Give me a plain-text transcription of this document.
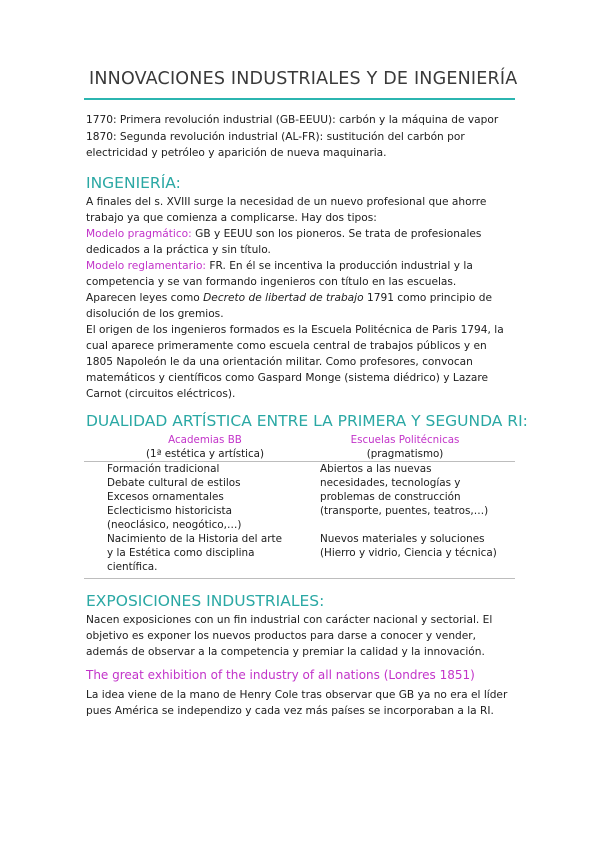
INNOVACIONES INDUSTRIALES Y DE INGENIERÍA
1770: Primera revolución industrial (GB-EEUU): carbón y la máquina de vapor
1870: Segunda revolución industrial (AL-FR): sustitución del carbón por
electricidad y petróleo y aparición de nueva maquinaria.
INGENIERÍA:
A finales del s. XVIII surge la necesidad de un nuevo profesional que ahorre
trabajo ya que comienza a complicarse. Hay dos tipos:
Modelo pragmático: GB y EEUU son los pioneros. Se trata de profesionales
dedicados a la práctica y sin título.
Modelo reglamentario: FR. En él se incentiva la producción industrial y la
competencia y se van formando ingenieros con título en las escuelas.
Aparecen leyes como Decreto de libertad de trabajo 1791 como principio de
disolución de los gremios.
El origen de los ingenieros formados es la Escuela Politécnica de Paris 1794, la
cual aparece primeramente como escuela central de trabajos públicos y en
1805 Napoleón le da una orientación militar. Como profesores, convocan
matemáticos y científicos como Gaspard Monge (sistema diédrico) y Lazare
Carnot (circuitos eléctricos).
DUALIDAD ARTÍSTICA ENTRE LA PRIMERA Y SEGUNDA RI:
Academias BB
(1ª estética y artística)
Escuelas Politécnicas
(pragmatismo)
Formación tradicional
Debate cultural de estilos
Excesos ornamentales
Eclecticismo historicista
(neoclásico, neogótico,…)
Nacimiento de la Historia del arte
y la Estética como disciplina
científica.
Abiertos a las nuevas
necesidades, tecnologías y
problemas de construcción
(transporte, puentes, teatros,…)
Nuevos materiales y soluciones
(Hierro y vidrio, Ciencia y técnica)
EXPOSICIONES INDUSTRIALES:
Nacen exposiciones con un fin industrial con carácter nacional y sectorial. El
objetivo es exponer los nuevos productos para darse a conocer y vender,
además de observar a la competencia y premiar la calidad y la innovación.
The great exhibition of the industry of all nations (Londres 1851)
La idea viene de la mano de Henry Cole tras observar que GB ya no era el líder
pues América se independizo y cada vez más países se incorporaban a la RI.
